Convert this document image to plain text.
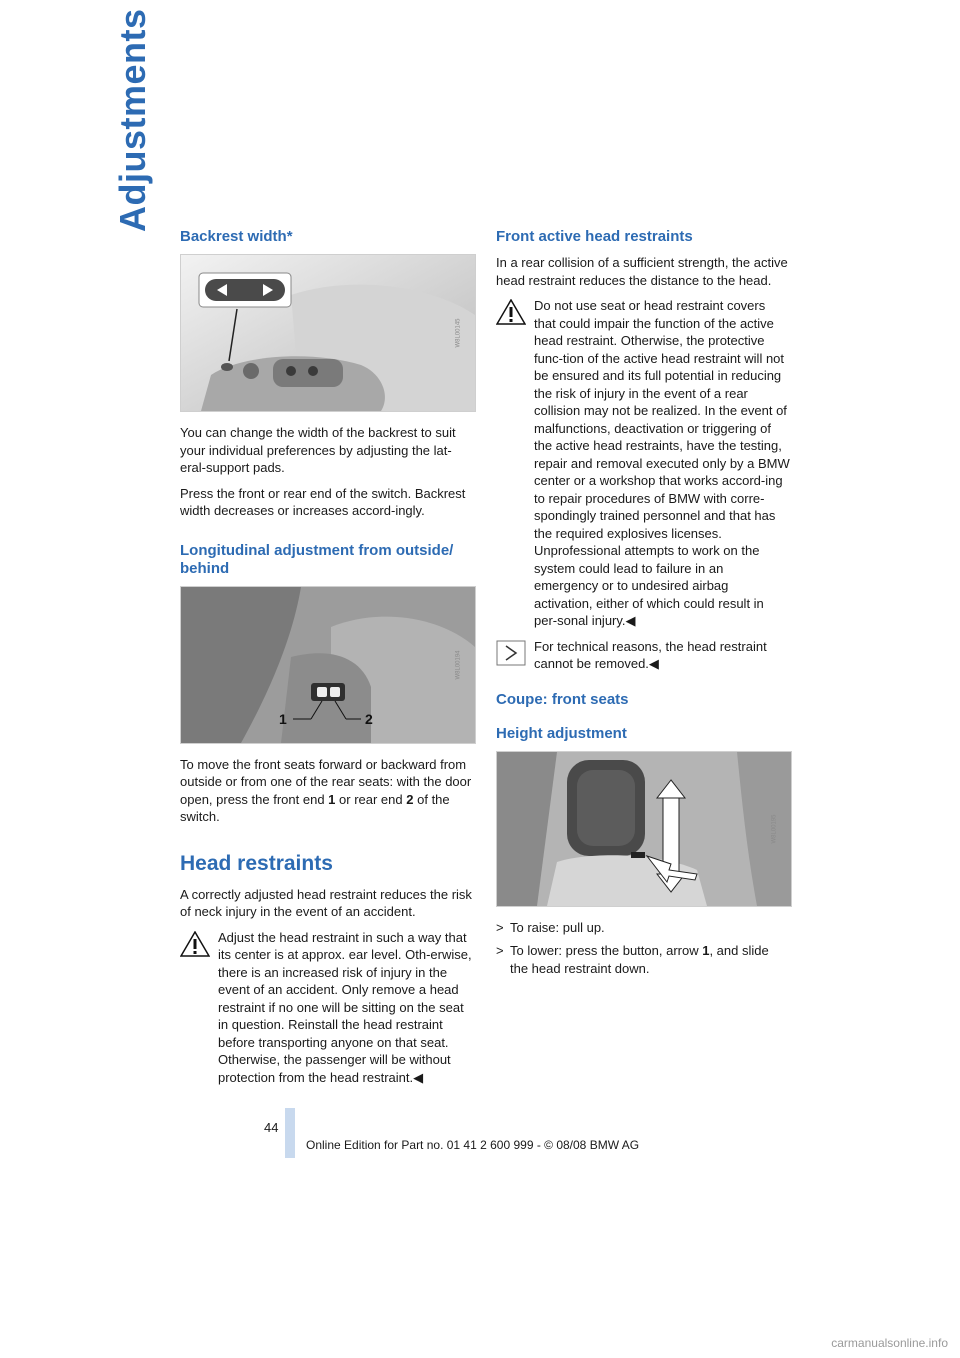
Adjustments
Backrest width*
W8L00145

You can change the width of the backrest to suit your individual preferences by adjusting the lat-eral-support pads.

Press the front or rear end of the switch. Backrest width decreases or increases accord-ingly.

Longitudinal adjustment from outside/ behind
1	2
W8L00194

To move the front seats forward or backward from outside or from one of the rear seats: with the door open, press the front end 1 or rear end 2 of the switch.

Head restraints

A correctly adjusted head restraint reduces the risk of neck injury in the event of an accident.

Adjust the head restraint in such a way that its center is at approx. ear level. Oth-erwise, there is an increased risk of injury in the event of an accident. Only remove a head restraint if no one will be sitting on the seat in question. Reinstall the head restraint before transporting anyone on that seat. Otherwise, the passenger will be without protection from the head restraint.◀

Front active head restraints

In a rear collision of a sufficient strength, the active head restraint reduces the distance to the head.

Do not use seat or head restraint covers that could impair the function of the active head restraint. Otherwise, the protective func-tion of the active head restraint will not be ensured and its full potential in reducing the risk of injury in the event of a rear collision may not be realized. In the event of malfunctions, deactivation or triggering of the active head restraints, have the testing, repair and removal executed only by a BMW center or a workshop that works accord-ing to repair procedures of BMW with corre-spondingly trained personnel and that has the required explosives licenses. Unprofessional attempts to work on the system could lead to failure in an emergency or to undesired airbag activation, either of which could result in per-sonal injury.◀

For technical reasons, the head restraint cannot be removed.◀

Coupe: front seats
Height adjustment
W8L00195
> To raise: pull up.
> To lower: press the button, arrow 1, and slide the head restraint down.
44
Online Edition for Part no. 01 41 2 600 999 - © 08/08 BMW AG
carmanualsonline.info
